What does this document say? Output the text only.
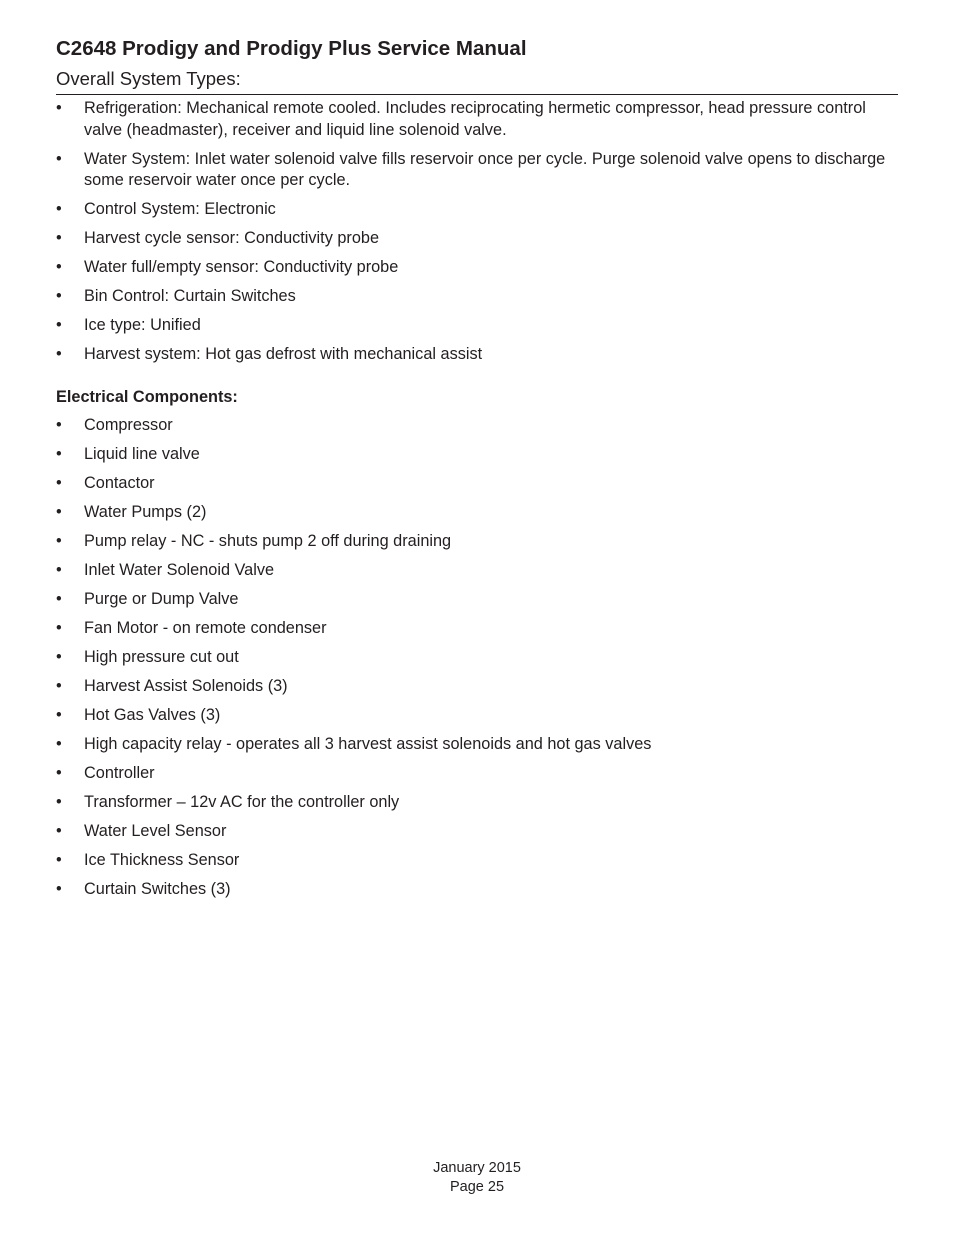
C2648 Prodigy and Prodigy Plus Service Manual
Overall System Types:
•	Refrigeration: Mechanical remote cooled. Includes reciprocating hermetic compressor, head pressure control valve (headmaster), receiver and liquid line solenoid valve.
•	Water System: Inlet water solenoid valve fills reservoir once per cycle. Purge solenoid valve opens to discharge some reservoir water once per cycle.
•	Control System: Electronic
•	Harvest cycle sensor: Conductivity probe
•	Water full/empty sensor: Conductivity probe
•	Bin Control: Curtain Switches
•	Ice type: Unified
•	Harvest system: Hot gas defrost with mechanical assist
Electrical Components:
•	Compressor
•	Liquid line valve
•	Contactor
•	Water Pumps (2)
•	Pump relay - NC - shuts pump 2 off during draining
•	Inlet Water Solenoid Valve
•	Purge or Dump Valve
•	Fan Motor - on remote condenser
•	High pressure cut out
•	Harvest Assist Solenoids (3)
•	Hot Gas Valves (3)
•	High capacity relay - operates all 3 harvest assist solenoids and hot gas valves
•	Controller
•	Transformer – 12v AC for the controller only
•	Water Level Sensor
•	Ice Thickness Sensor
•	Curtain Switches (3)
January 2015
Page 25
